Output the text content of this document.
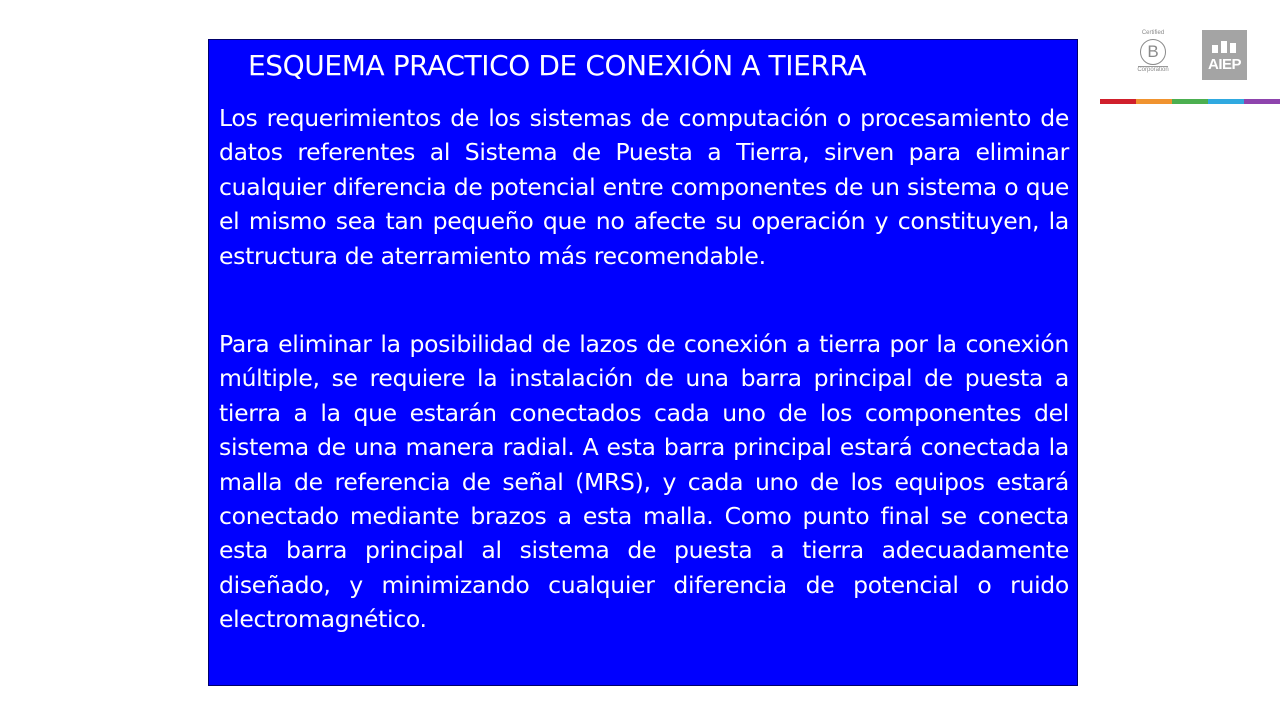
ESQUEMA PRACTICO DE CONEXIÓN A TIERRA

Los requerimientos de los sistemas de computación o procesamiento de datos referentes al Sistema de Puesta a Tierra, sirven para eliminar cualquier diferencia de potencial entre componentes de un sistema o que el mismo sea tan pequeño que no afecte su operación y constituyen, la estructura de aterramiento más recomendable.

Para eliminar la posibilidad de lazos de conexión a tierra por la conexión múltiple, se requiere la instalación de una barra principal de puesta a tierra a la que estarán conectados cada uno de los componentes del sistema de una manera radial. A esta barra principal estará conectada la malla de referencia de señal (MRS), y cada uno de los equipos estará conectado mediante brazos a esta malla. Como punto final se conecta esta barra principal al sistema de puesta a tierra adecuadamente diseñado, y minimizando cualquier diferencia de potencial o ruido electromagnético.

Certified
B
Corporation	AIEP
